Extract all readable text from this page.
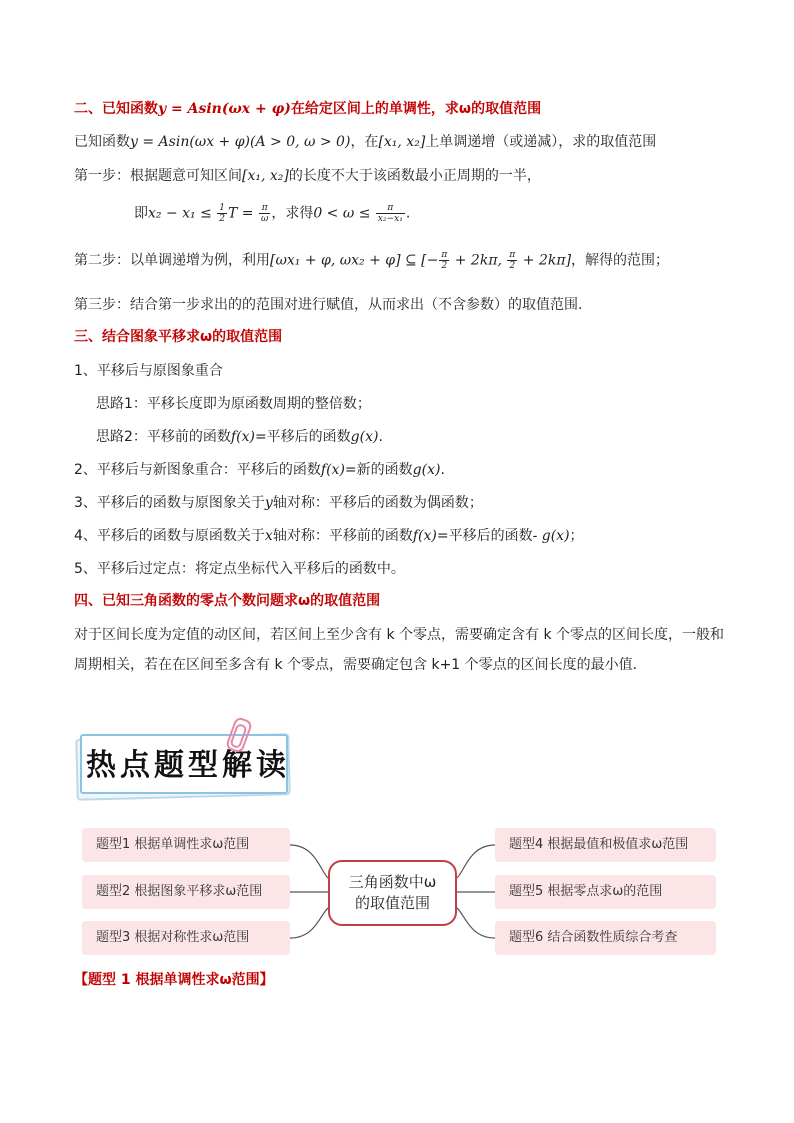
二、已知函数y = Asin(ωx + φ)在给定区间上的单调性，求ω的取值范围
已知函数y = Asin(ωx + φ)(A > 0, ω > 0)，在[x₁, x₂]上单调递增（或递减），求的取值范围
第一步：根据题意可知区间[x₁, x₂]的长度不大于该函数最小正周期的一半，
即$x_2 - x_1 \le \frac{1}{2}$ $T = \frac{\pi}{\omega}$ ，求得$0 < \omega \le \frac{\pi}{\text{x₂−x₁}}$ .
第二步：以单调递增为例，利用[ωx₁ + φ, ωx₂ + φ] ⊆ [− $\frac{\pi}{2} + 2k\pi$, $\frac{\pi}{2} + 2k\pi$]，解得的范围；
第三步：结合第一步求出的的范围对进行赋值，从而求出（不含参数）的取值范围.
三、结合图象平移求ω的取值范围
1、平移后与原图象重合
思路1：平移长度即为原函数周期的整倍数；
思路2：平移前的函数f(x)=平移后的函数g(x).
2、平移后与新图象重合：平移后的函数f(x)=新的函数g(x).
3、平移后的函数与原图象关于y轴对称：平移后的函数为偶函数；
4、平移后的函数与原函数关于x轴对称：平移前的函数f(x)=平移后的函数- g(x)；
5、平移后过定点：将定点坐标代入平移后的函数中。
四、已知三角函数的零点个数问题求ω的取值范围
对于区间长度为定值的动区间，若区间上至少含有 k 个零点，需要确定含有 k 个零点的区间长度，一般和周期相关，若在在区间至多含有 k 个零点，需要确定包含 k+1 个零点的区间长度的最小值．
热点题型解读
题型1 根据单调性求ω范围
题型2 根据图象平移求ω范围
题型3 根据对称性求ω范围
三角函数中ω
的取值范围
题型4 根据最值和极值求ω范围
题型5 根据零点求ω的范围
题型6 结合函数性质综合考查
【题型 1 根据单调性求ω范围】
